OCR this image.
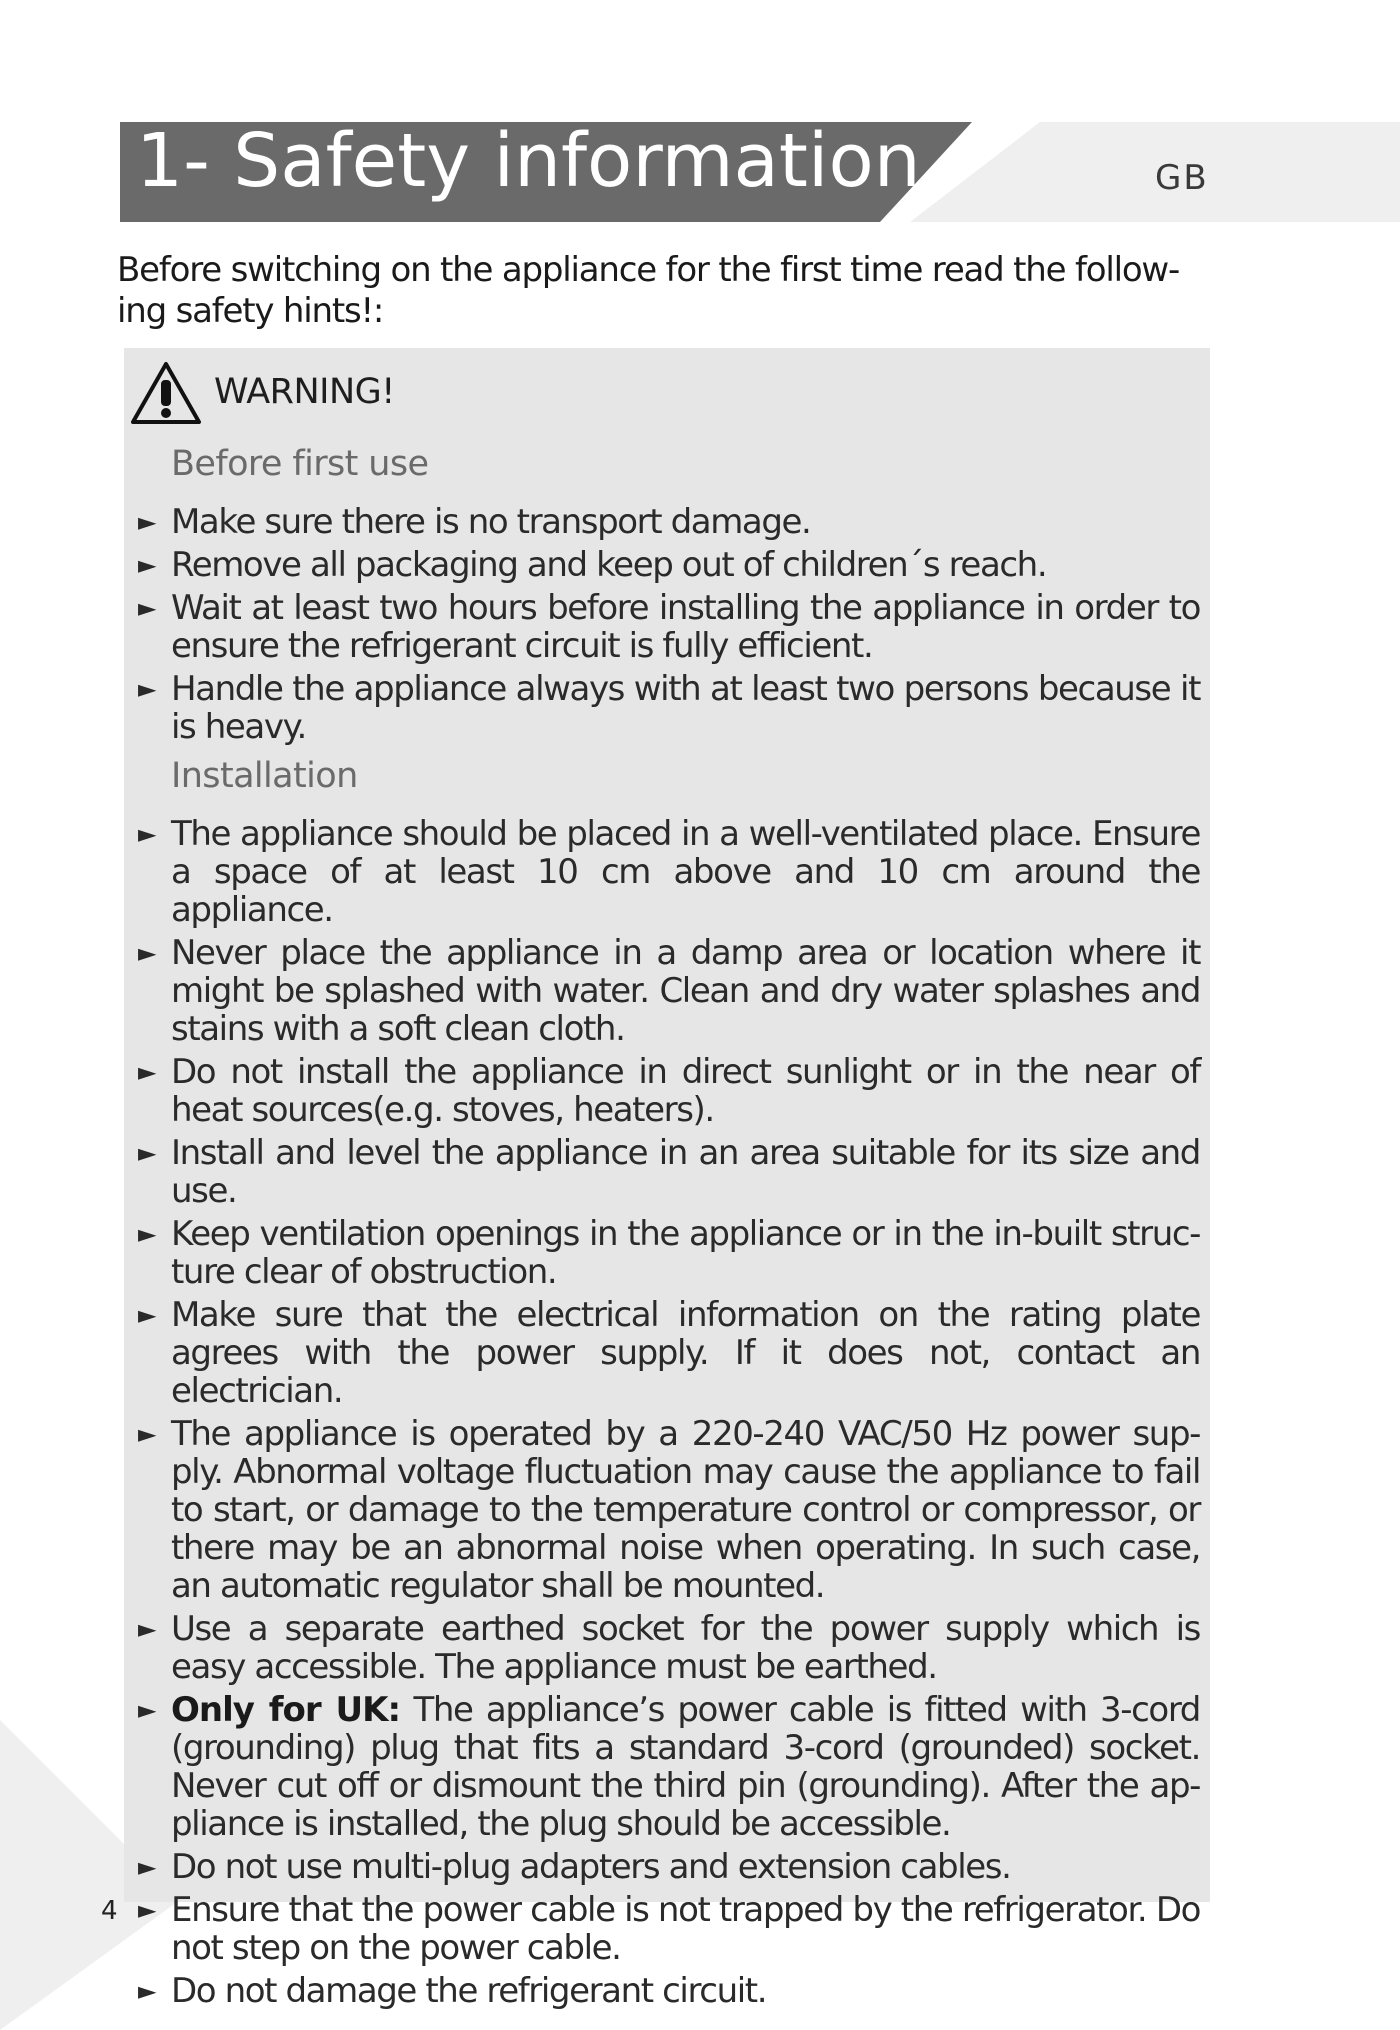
1- Safety information	GB

Before switching on the appliance for the first time read the follow-ing safety hints!:

WARNING!
Before first use
► Make sure there is no transport damage.
► Remove all packaging and keep out of children´s reach.
► Wait at least two hours before installing the appliance in order to ensure the refrigerant circuit is fully efficient.
► Handle the appliance always with at least two persons because it is heavy.
Installation
► The appliance should be placed in a well-ventilated place. Ensure a space of at least 10 cm above and 10 cm around the appliance.
► Never place the appliance in a damp area or location where it might be splashed with water. Clean and dry water splashes and stains with a soft clean cloth.
► Do not install the appliance in direct sunlight or in the near of heat sources(e.g. stoves, heaters).
► Install and level the appliance in an area suitable for its size and use.
► Keep ventilation openings in the appliance or in the in-built struc-ture clear of obstruction.
► Make sure that the electrical information on the rating plate agrees with the power supply. If it does not, contact an electrician.
► The appliance is operated by a 220-240 VAC/50 Hz power sup-ply. Abnormal voltage fluctuation may cause the appliance to fail to start, or damage to the temperature control or compressor, or there may be an abnormal noise when operating. In such case, an automatic regulator shall be mounted.
► Use a separate earthed socket for the power supply which is easy accessible. The appliance must be earthed.
► Only for UK: The appliance’s power cable is fitted with 3-cord (grounding) plug that fits a standard 3-cord (grounded) socket. Never cut off or dismount the third pin (grounding). After the ap-pliance is installed, the plug should be accessible.
► Do not use multi-plug adapters and extension cables.
► Ensure that the power cable is not trapped by the refrigerator. Do not step on the power cable.
► Do not damage the refrigerant circuit.
4
